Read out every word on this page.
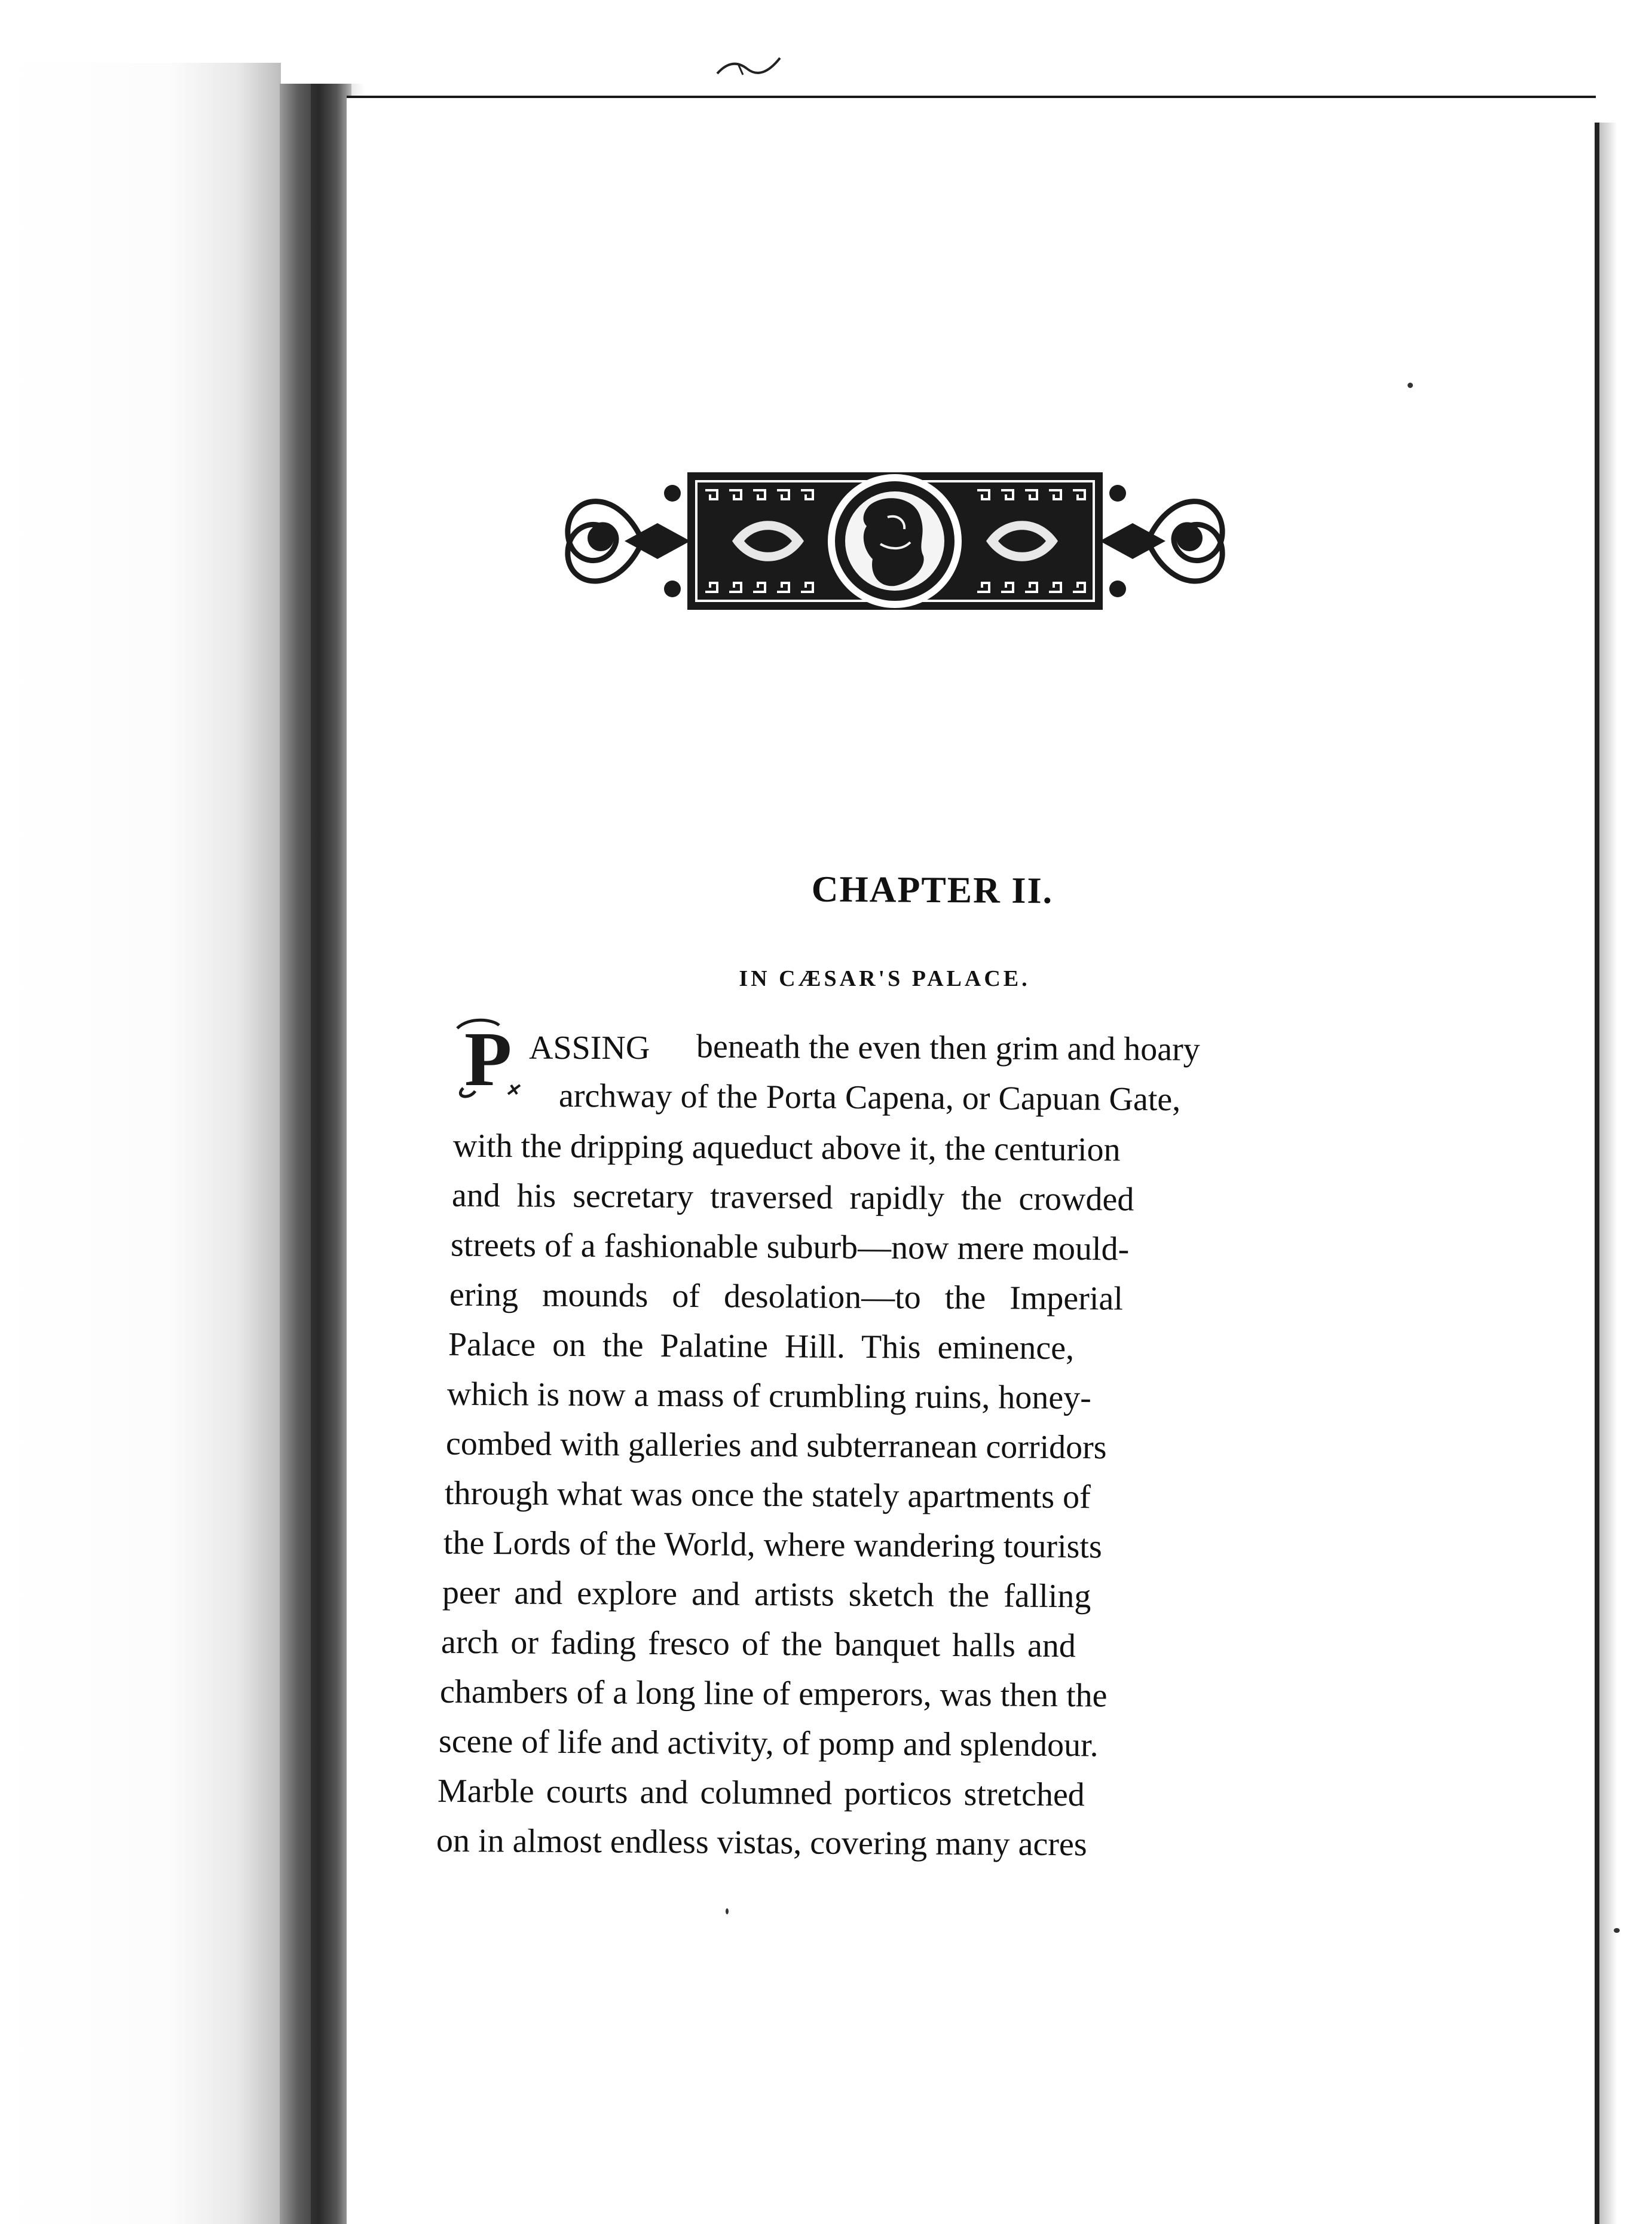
CHAPTER II.
IN CÆSAR'S PALACE.
P ASSING beneath the even then grim and hoary
archway of the Porta Capena, or Capuan Gate,
with the dripping aqueduct above it, the centurion
and his secretary traversed rapidly the crowded
streets of a fashionable suburb—now mere mould-
ering mounds of desolation—to the Imperial
Palace on the Palatine Hill. This eminence,
which is now a mass of crumbling ruins, honey-
combed with galleries and subterranean corridors
through what was once the stately apartments of
the Lords of the World, where wandering tourists
peer and explore and artists sketch the falling
arch or fading fresco of the banquet halls and
chambers of a long line of emperors, was then the
scene of life and activity, of pomp and splendour.
Marble courts and columned porticos stretched
on in almost endless vistas, covering many acres
